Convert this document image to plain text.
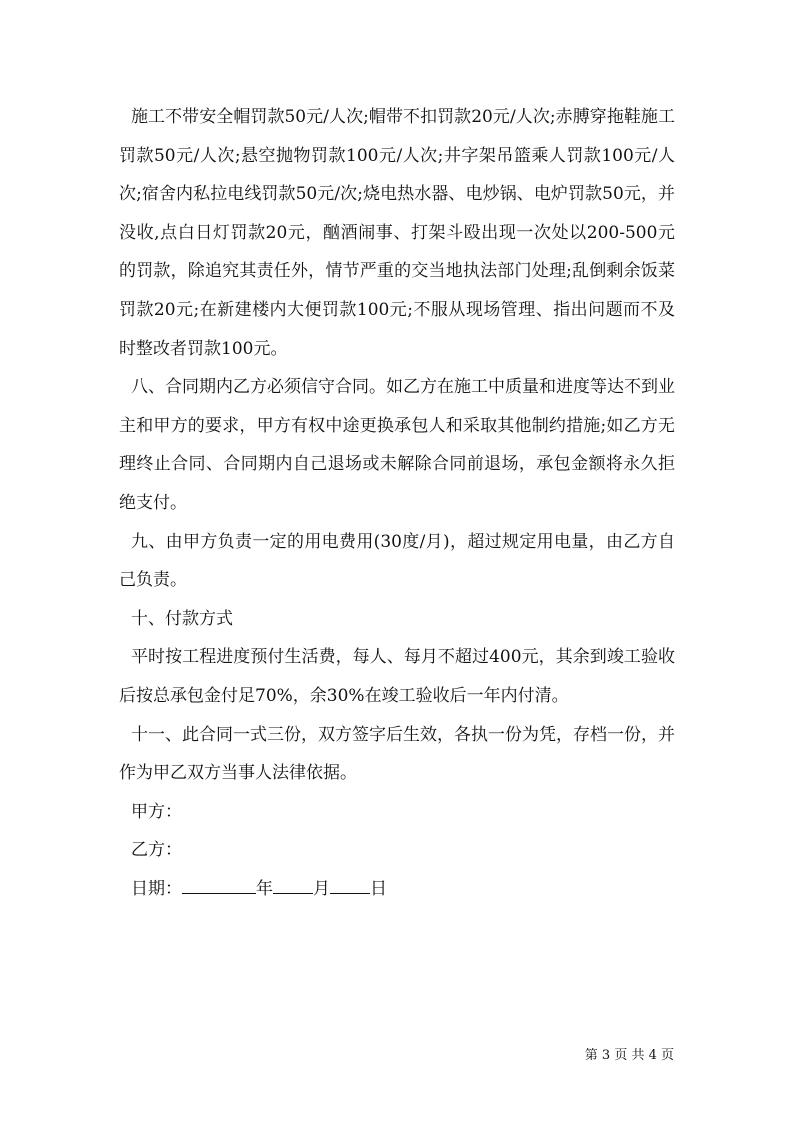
施工不带安全帽罚款50元/人次;帽带不扣罚款20元/人次;赤膊穿拖鞋施工罚款50元/人次;悬空抛物罚款100元/人次;井字架吊篮乘人罚款100元/人次;宿舍内私拉电线罚款50元/次;烧电热水器、电炒锅、电炉罚款50元，并没收,点白日灯罚款20元，酗酒闹事、打架斗殴出现一次处以200-500元的罚款，除追究其责任外，情节严重的交当地执法部门处理;乱倒剩余饭菜罚款20元;在新建楼内大便罚款100元;不服从现场管理、指出问题而不及时整改者罚款100元。

八、合同期内乙方必须信守合同。如乙方在施工中质量和进度等达不到业主和甲方的要求，甲方有权中途更换承包人和采取其他制约措施;如乙方无理终止合同、合同期内自己退场或未解除合同前退场，承包金额将永久拒绝支付。

九、由甲方负责一定的用电费用(30度/月)，超过规定用电量，由乙方自己负责。

十、付款方式

平时按工程进度预付生活费，每人、每月不超过400元，其余到竣工验收后按总承包金付足70%，余30%在竣工验收后一年内付清。

十一、此合同一式三份，双方签字后生效，各执一份为凭，存档一份，并作为甲乙双方当事人法律依据。

甲方：

乙方：

日期：	年 月 日

第 3 页 共 4 页
